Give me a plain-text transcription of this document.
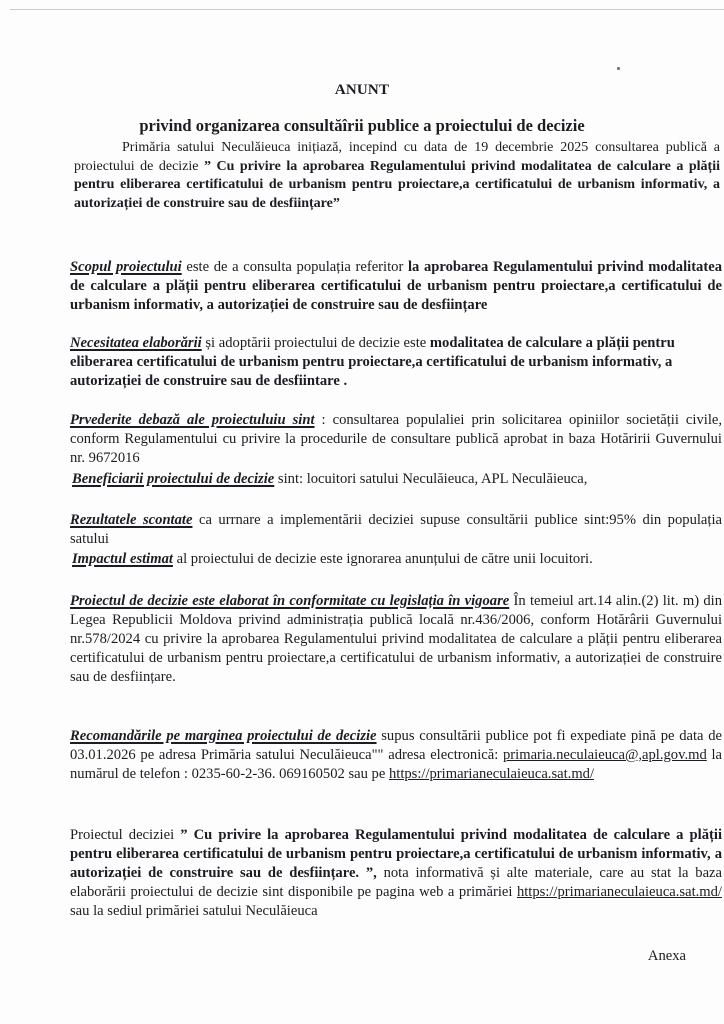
ANUNT
privind organizarea consultăîrii publice a proiectului de decizie
Primăria satului Neculăieuca inițiază, incepind cu data de 19 decembrie 2025 consultarea publică a proiectului de decizie ” Cu privire la aprobarea Regulamentului privind modalitatea de calculare a plății pentru eliberarea certificatului de urbanism pentru proiectare,a certificatului de urbanism informativ, a autorizației de construire sau de desființare”
Scopul proiectului este de a consulta populația referitor la aprobarea Regulamentului privind modalitatea de calculare a plății pentru eliberarea certificatului de urbanism pentru proiectare,a certificatului de urbanism informativ, a autorizației de construire sau de desființare
Necesitatea elaborării și adoptării proiectului de decizie este modalitatea de calculare a plății pentru eliberarea certificatului de urbanism pentru proiectare,a certificatului de urbanism informativ, a autorizației de construire sau de desfiintare .
Prvederite debază ale proiectuluiu sint : consultarea populaliei prin solicitarea opiniilor societății civile, conform Regulamentului cu privire la procedurile de consultare publică aprobat in baza Hotăririi Guvernului nr. 9672016
Beneficiarii proiectului de decizie sint: locuitori satului Neculăieuca, APL Neculăieuca,
Rezultatele scontate ca urrnare a implementării deciziei supuse consultării publice sint:95% din populația satului
Impactul estimat al proiectului de decizie este ignorarea anunțului de către unii locuitori.
Proiectul de decizie este elaborat în conformitate cu legislația în vigoare În temeiul art.14 alin.(2) lit. m) din Legea Republicii Moldova privind administrația publică locală nr.436/2006, conform Hotărârii Guvernului nr.578/2024 cu privire la aprobarea Regulamentului privind modalitatea de calculare a plății pentru eliberarea certificatului de urbanism pentru proiectare,a certificatului de urbanism informativ, a autorizației de construire sau de desființare.
Recomandările pe marginea proiectului de decizie supus consultării publice pot fi expediate pină pe data de 03.01.2026 pe adresa Primăria satului Neculăieuca"" adresa electronică: primaria.neculaieuca@,apl.gov.md la numărul de telefon : 0235-60-2-36. 069160502 sau pe https://primarianeculaieuca.sat.md/
Proiectul deciziei ” Cu privire la aprobarea Regulamentului privind modalitatea de calculare a plății pentru eliberarea certificatului de urbanism pentru proiectare,a certificatului de urbanism informativ, a autorizației de construire sau de desființare. ”, nota informativă și alte materiale, care au stat la baza elaborării proiectului de decizie sint disponibile pe pagina web a primăriei https://primarianeculaieuca.sat.md/ sau la sediul primăriei satului Neculăieuca
Anexa
